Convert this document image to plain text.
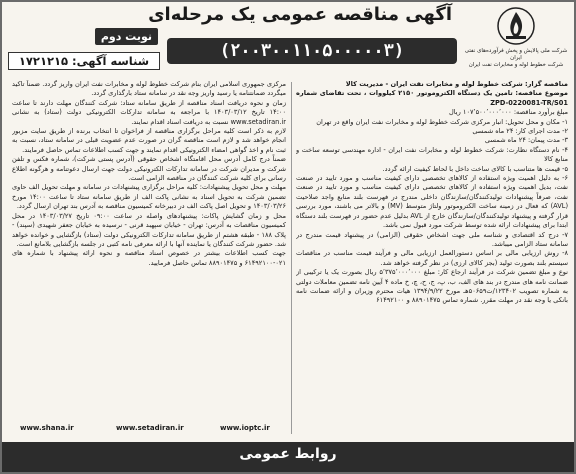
آگهی مناقصه عمومی یک مرحله‌ای
(۲۰۰۳۰۰۱۱۰۵۰۰۰۰۰۳)	شرکت ملی پالایش و پخش فرآورده‌های نفتی ایران
شرکت خطوط لوله و مخابرات نفت ایران
نوبت دوم
شناسه آگهی: ۱۷۲۱۲۱۵

مناقصه گزار: شرکت خطوط لوله و مخابرات نفت ایران - مدیریت کالا

موضوع مناقصه: تامین یک دستگاه الکتروموتور ۲۱۵۰ کیلووات ، تحت تقاضای شماره ZPD-0220081-TR/S01

مبلغ برآورد مناقصه: ۱۰۷٬۵۰۰٬۰۰۰٬۰۰۰ ریال

۱- مکان و محل تحویل: انبار مرکزی شرکت خطوط لوله و مخابرات نفت ایران واقع در تهران

۲- مدت اجرای کار: ۲۴ ماه شمسی

۳- مدت پیمان: ۲۴ ماه شمسی

۴- نام دستگاه نظارت: شرکت خطوط لوله و مخابرات نفت ایران - اداره مهندسی توسعه ساخت و منابع کالا

۵- قیمت ها متناسب با کالای ساخت داخل با لحاظ کیفیت ارائه گردد.

۶- به دلیل اهمیت ویژه استفاده از کالاهای تخصصی دارای کیفیت مناسب و مورد تایید در صنعت نفت، بدیل اهمیت ویژه استفاده از کالاهای تخصصی دارای کیفیت مناسب و مورد تایید در صنعت نفت، صرفاً پیشنهادات تولیدکنندگان/سازندگان داخلی مندرج در فهرست بلند منابع واجد صلاحیت (AVL) که فعال در زمینه ساخت الکتروموتور ولتاژ متوسط (MV) و بالاتر می باشند، مورد بررسی قرار گرفته و پیشنهاد تولیدکنندگان/سازندگان خارج از AVL بدلیل عدم حضور در فهرست بلند دستگاه ابتدا برای پیشنهادات ارائه شده توسط شرکت مورد قبول نمی باشد.

۷- درج کد اقتصادی و شناسه ملی جهت اشخاص حقوقی (الزامی) در پیشنهاد قیمت مندرج در سامانه ستاد الزامی میباشد.

۸- روش ارزیابی مالی بر اساس دستورالعمل ارزیابی مالی و فرآیند قیمت مناسب در مناقصات سیستم بلند بصورت تولید (بجز کالای ارزی) در نظر گرفته خواهد شد.

نوع و مبلغ تضمین شرکت در فرآیند ارجاع کار: مبلغ ۵٬۳۷۵٬۰۰۰٬۰۰۰ ریال بصورت یک یا ترکیبی از ضمانت نامه های مندرج در بند های الف، ب، پ، ج، ح، چ، خ ماده ۴ آیین نامه تضمین معاملات دولتی به شماره تصویب ۱۲۳۴۰۲/ت۵۰۶۵۹هـ مورخ ۱۳۹۴/۹/۲۲ هیات محترم وزیران و ارائه ضمانت نامه بانکی یا وجه نقد در مهلت مقرر. شماره تماس ۸۸۹۰۱۴۷۵ و ۶۱۴۹۲۱۰۰

مرکزی جمهوری اسلامی ایران بنام شرکت خطوط لوله و مخابرات نفت ایران واریز گردد. ضمناً تاکید میگردد ضمانتنامه یا رسید واریز وجه نقد در سامانه ستاد بارگذاری گردد.

زمان و نحوه دریافت اسناد مناقصه از طریق سامانه ستاد: شرکت کنندگان مهلت دارند تا ساعت ۱۴:۰۰ تاریخ ۱۴۰۳/۰۳/۱۲ با مراجعه به سامانه تدارکات الکترونیکی دولت (ستاد) به نشانی www.setadiran.ir نسبت به دریافت اسناد اقدام نمایند.

لازم به ذکر است کلیه مراحل برگزاری مناقصه از فراخوان تا انتخاب برنده از طریق سایت مزبور انجام خواهد شد و لازم است مناقصه گران در صورت عدم عضویت قبلی در سامانه ستاد، نسبت به ثبت نام و اخذ گواهی امضاء الکترونیکی اقدام نمایند و جهت کسب اطلاعات تماس حاصل فرمایند.

ضمناً درج کامل آدرس محل اقامتگاه اشخاص حقوقی (آدرس پستی شرکت)، شماره فکس و تلفن شرکت و مدیران شرکت در سامانه تدارکات الکترونیکی دولت جهت ارسال دعوتنامه و هرگونه اطلاع رسانی برای کلیه شرکت کنندگان در مناقصه الزامی است.

مهلت و محل تحویل پیشنهادات: کلیه مراحل برگزاری پیشنهادات در سامانه و مهلت تحویل الف حاوی تضمین شرکت به تحویل اسناد به نشانی پاکت الف از طریق سامانه ستاد تا ساعت ۱۴:۰۰ مورخ ۱۴۰۳/۰۳/۲۶ و تحویل اصل پاکت الف در دبیرخانه کمیسیون مناقصه به آدرس بند تهران ارسال گردد.

محل و زمان گشایش پاکات: پیشنهادهای واصله در ساعت ۰۹:۰۰ تاریخ ۱۴۰۳/۰۳/۲۷ در محل کمیسیون مناقصات به آدرس: تهران - خیابان سپهبد قرنی - نرسیده به خیابان جعفر شهیدی (سپند) - پلاک ۱۸۸ - طبقه هشتم از طریق سامانه تدارکات الکترونیکی دولت (ستاد) بازگشایی و خوانده خواهد شد. حضور شرکت کنندگان یا نماینده آنها با ارائه معرفی نامه کتبی در جلسه بازگشایی بلامانع است.

جهت کسب اطلاعات بیشتر در خصوص اسناد مناقصه و نحوه ارائه پیشنهاد با شماره های ۰۲۱-۶۱۴۹۲۱۰۰ و ۸۸۹۰۱۴۷۵ تماس حاصل فرمایید.

www.shana.ir	www.setadiran.ir	www.ioptc.ir
روابط عمومی
